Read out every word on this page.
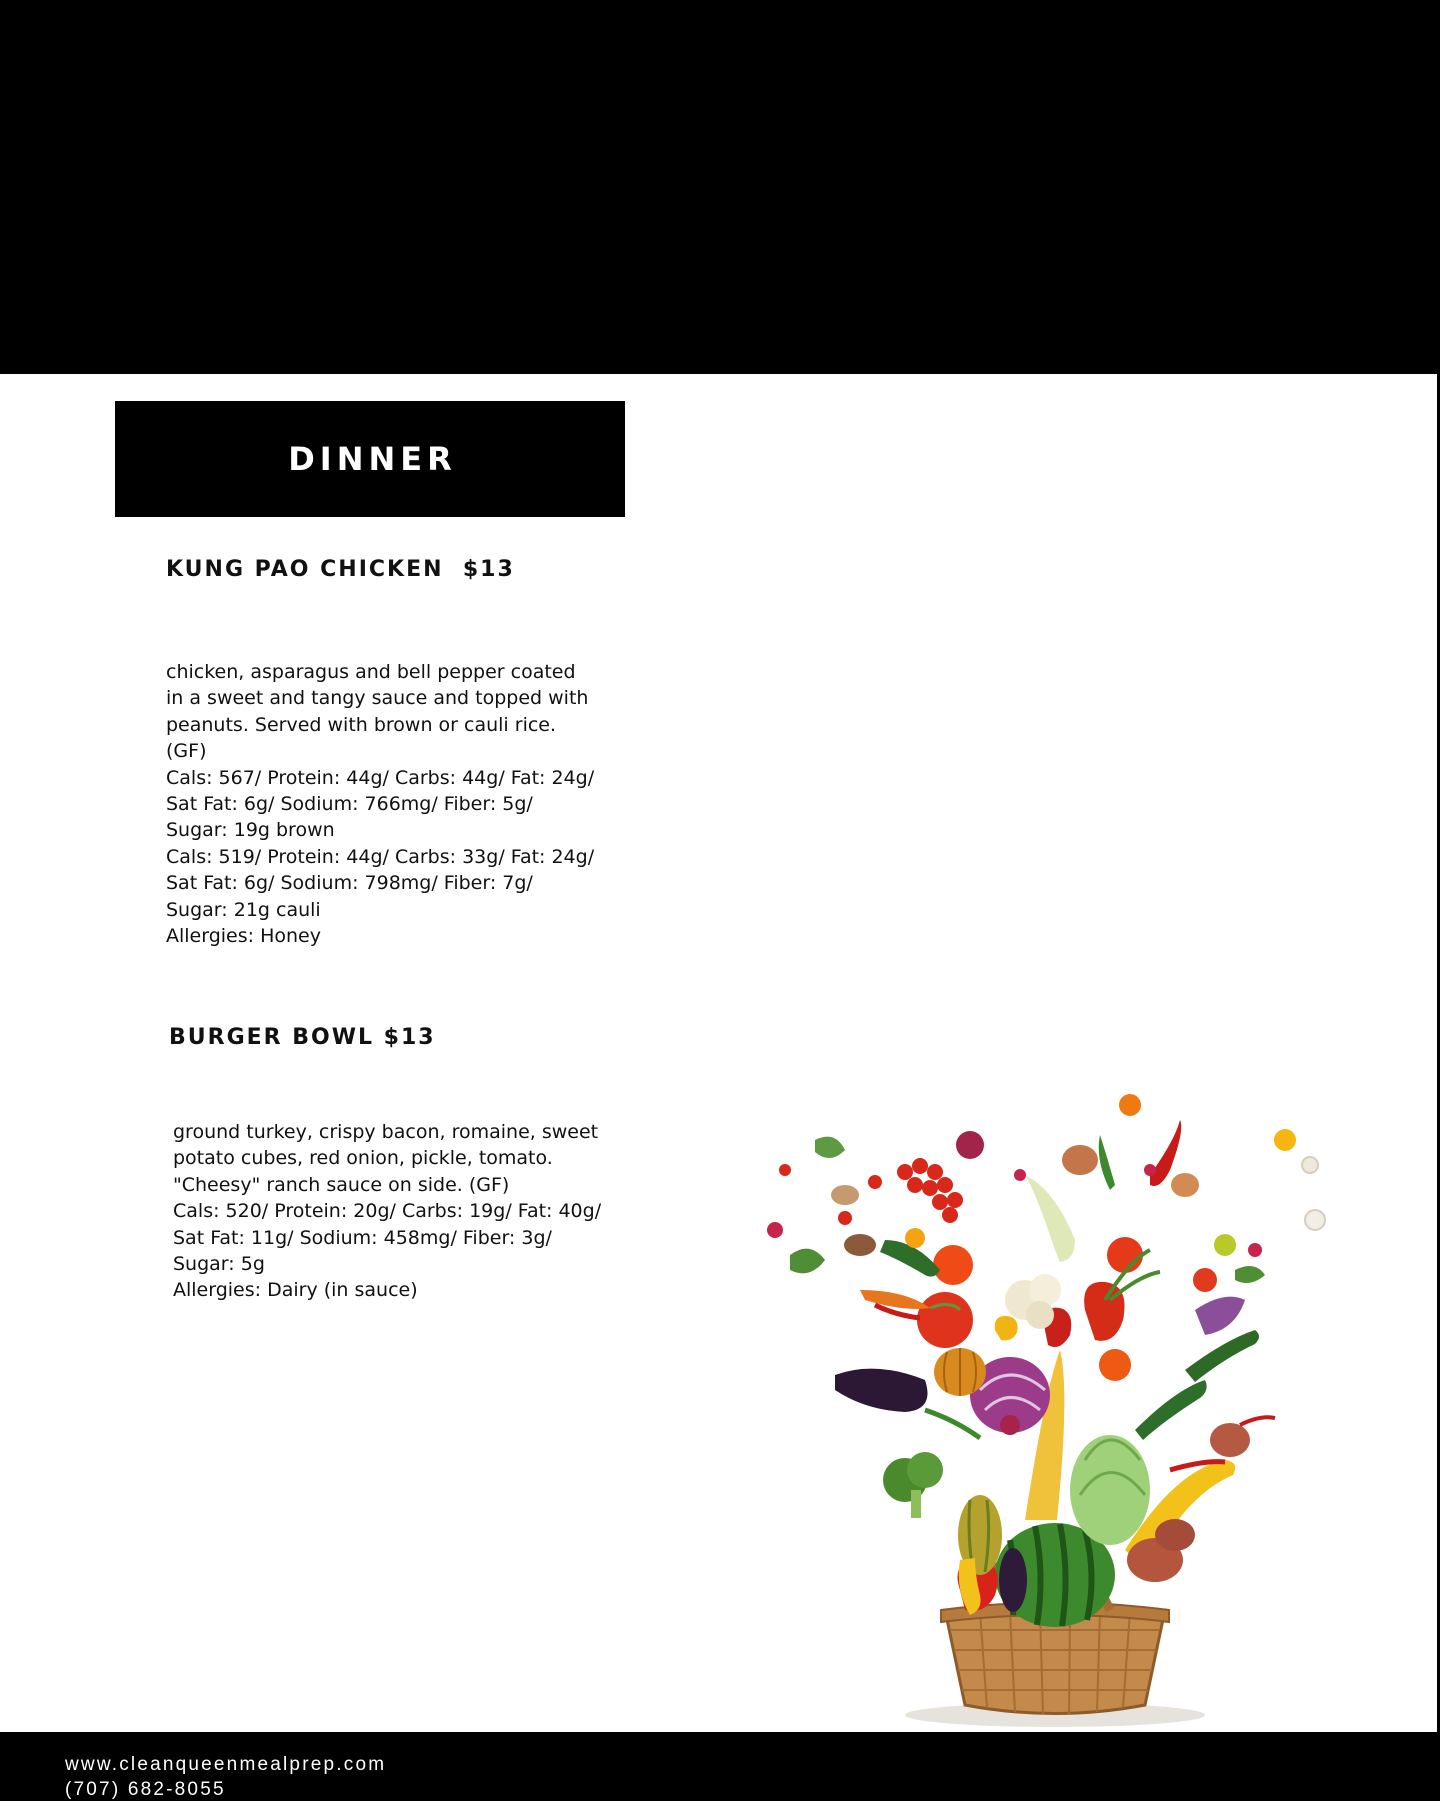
DINNER
KUNG PAO CHICKEN  $13

chicken, asparagus and bell pepper coated in a sweet and tangy sauce and topped with peanuts. Served with brown or cauli rice. (GF)

Cals: 567/ Protein: 44g/ Carbs: 44g/ Fat: 24g/ Sat Fat: 6g/ Sodium: 766mg/ Fiber: 5g/ Sugar: 19g brown

Cals: 519/ Protein: 44g/ Carbs: 33g/ Fat: 24g/ Sat Fat: 6g/ Sodium: 798mg/ Fiber: 7g/ Sugar: 21g cauli

Allergies: Honey

BURGER BOWL $13

ground turkey, crispy bacon, romaine, sweet potato cubes, red onion, pickle, tomato. "Cheesy" ranch sauce on side. (GF)

Cals: 520/ Protein: 20g/ Carbs: 19g/ Fat: 40g/ Sat Fat: 11g/ Sodium: 458mg/ Fiber: 3g/ Sugar: 5g

Allergies: Dairy (in sauce)

www.cleanqueenmealprep.com
(707) 682-8055
